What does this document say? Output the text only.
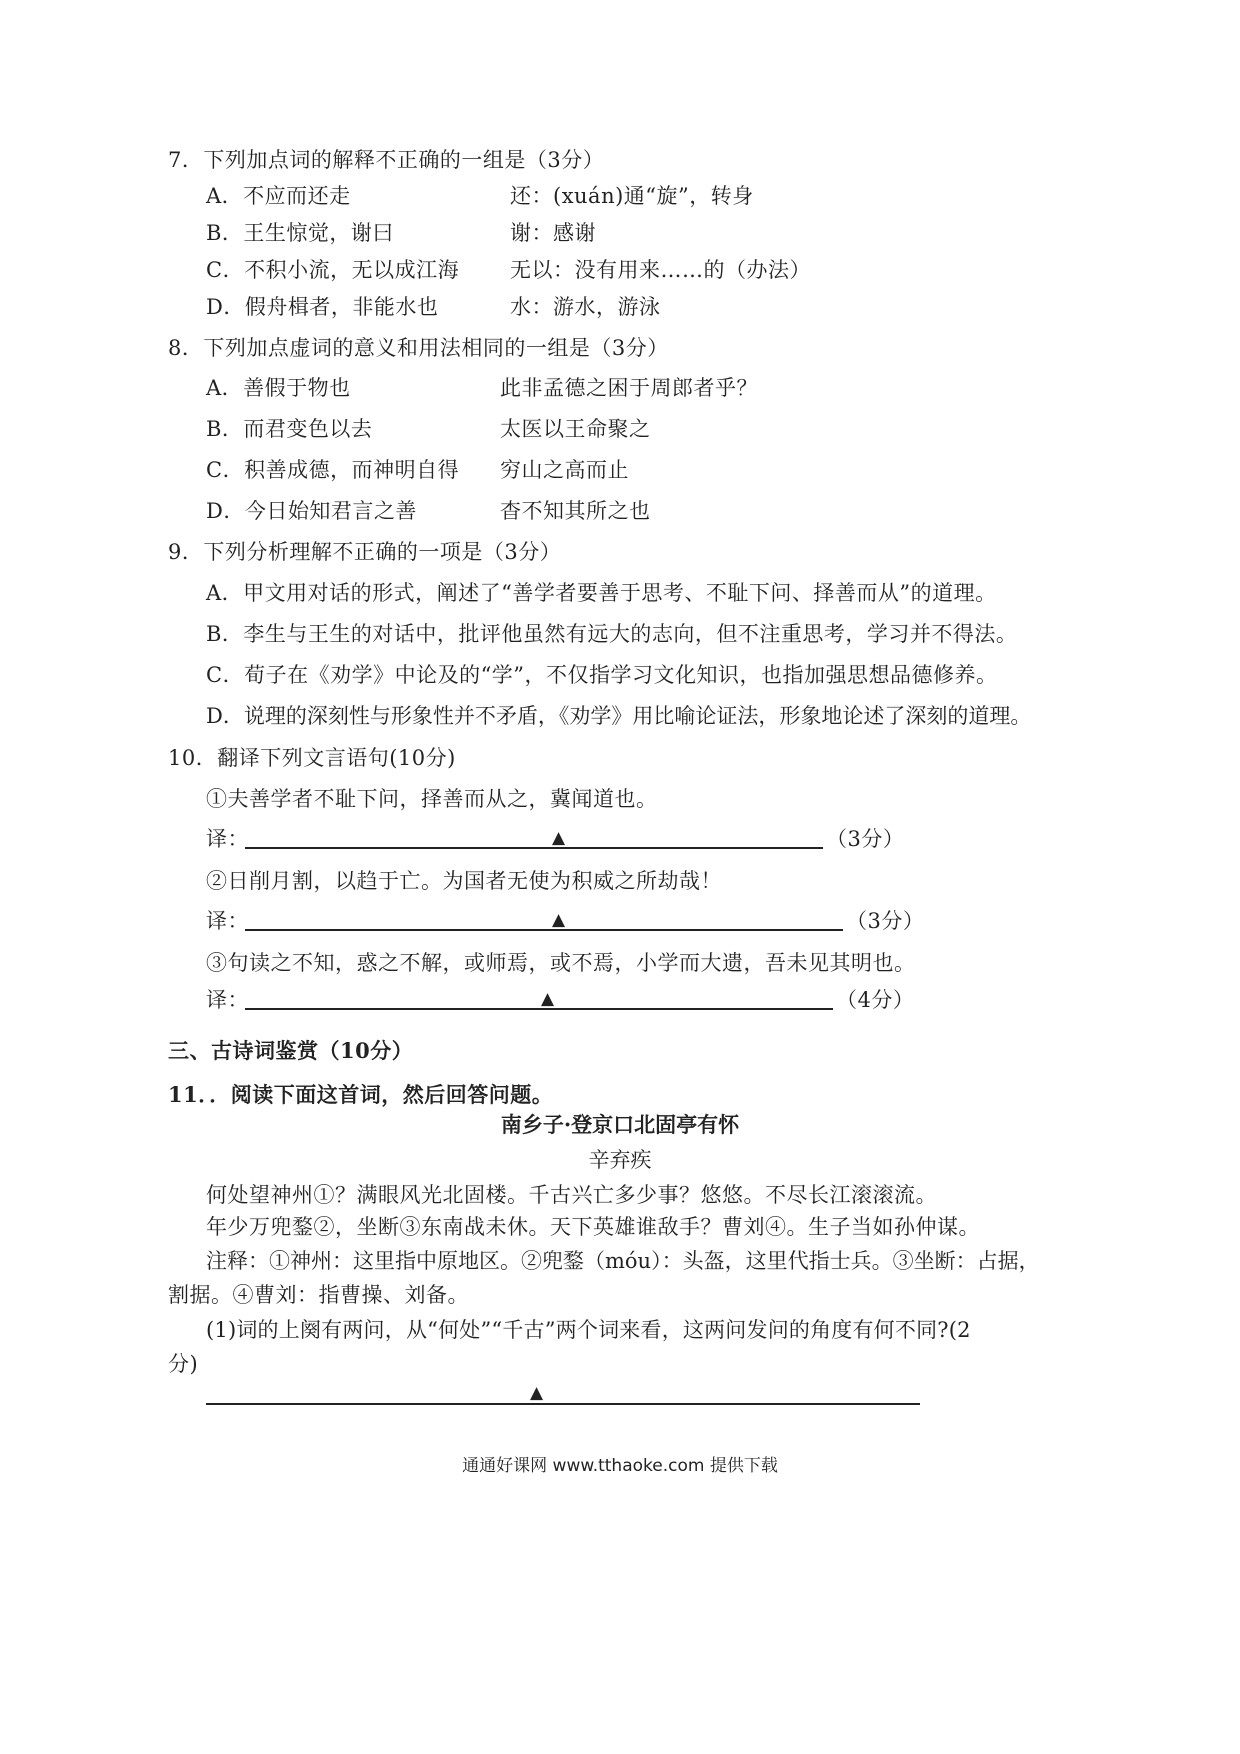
7．下列加点词的解释不正确的一组是（3分）
A．不应而还走	还：(xuán)通“旋”，转身
B．王生惊觉，谢曰	谢：感谢
C．不积小流，无以成江海 无以：没有用来……的（办法）
D．假舟楫者，非能水也	水：游水，游泳
8．下列加点虚词的意义和用法相同的一组是（3分）
A．善假于物也	此非孟德之困于周郎者乎？
B．而君变色以去	太医以王命聚之
C．积善成德，而神明自得 穷山之高而止
D．今日始知君言之善	杳不知其所之也
9．下列分析理解不正确的一项是（3分）
A．甲文用对话的形式，阐述了“善学者要善于思考、不耻下问、择善而从”的道理。
B．李生与王生的对话中，批评他虽然有远大的志向，但不注重思考，学习并不得法。
C．荀子在《劝学》中论及的“学”，不仅指学习文化知识，也指加强思想品德修养。
D．说理的深刻性与形象性并不矛盾，《劝学》用比喻论证法，形象地论述了深刻的道理。
10．翻译下列文言语句(10分)
①夫善学者不耻下问，择善而从之，冀闻道也。
译：	▲	（3分）
②日削月割，以趋于亡。为国者无使为积威之所劫哉！
译：	▲	（3分）
③句读之不知，惑之不解，或师焉，或不焉，小学而大遗，吾未见其明也。
译：	▲	（4分）
三、古诗词鉴赏（10分）
11．．阅读下面这首词，然后回答问题。
南乡子·登京口北固亭有怀
辛弃疾
何处望神州①？满眼风光北固楼。千古兴亡多少事？悠悠。不尽长江滚滚流。
年少万兜鍪②，坐断③东南战未休。天下英雄谁敌手？曹刘④。生子当如孙仲谋。
注释：①神州：这里指中原地区。②兜鍪（móu）：头盔，这里代指士兵。③坐断：占据，
割据。④曹刘：指曹操、刘备。
(1)词的上阕有两问，从“何处”“千古”两个词来看，这两问发问的角度有何不同?(2
分)
▲
通通好课网 www.tthaoke.com 提供下载
